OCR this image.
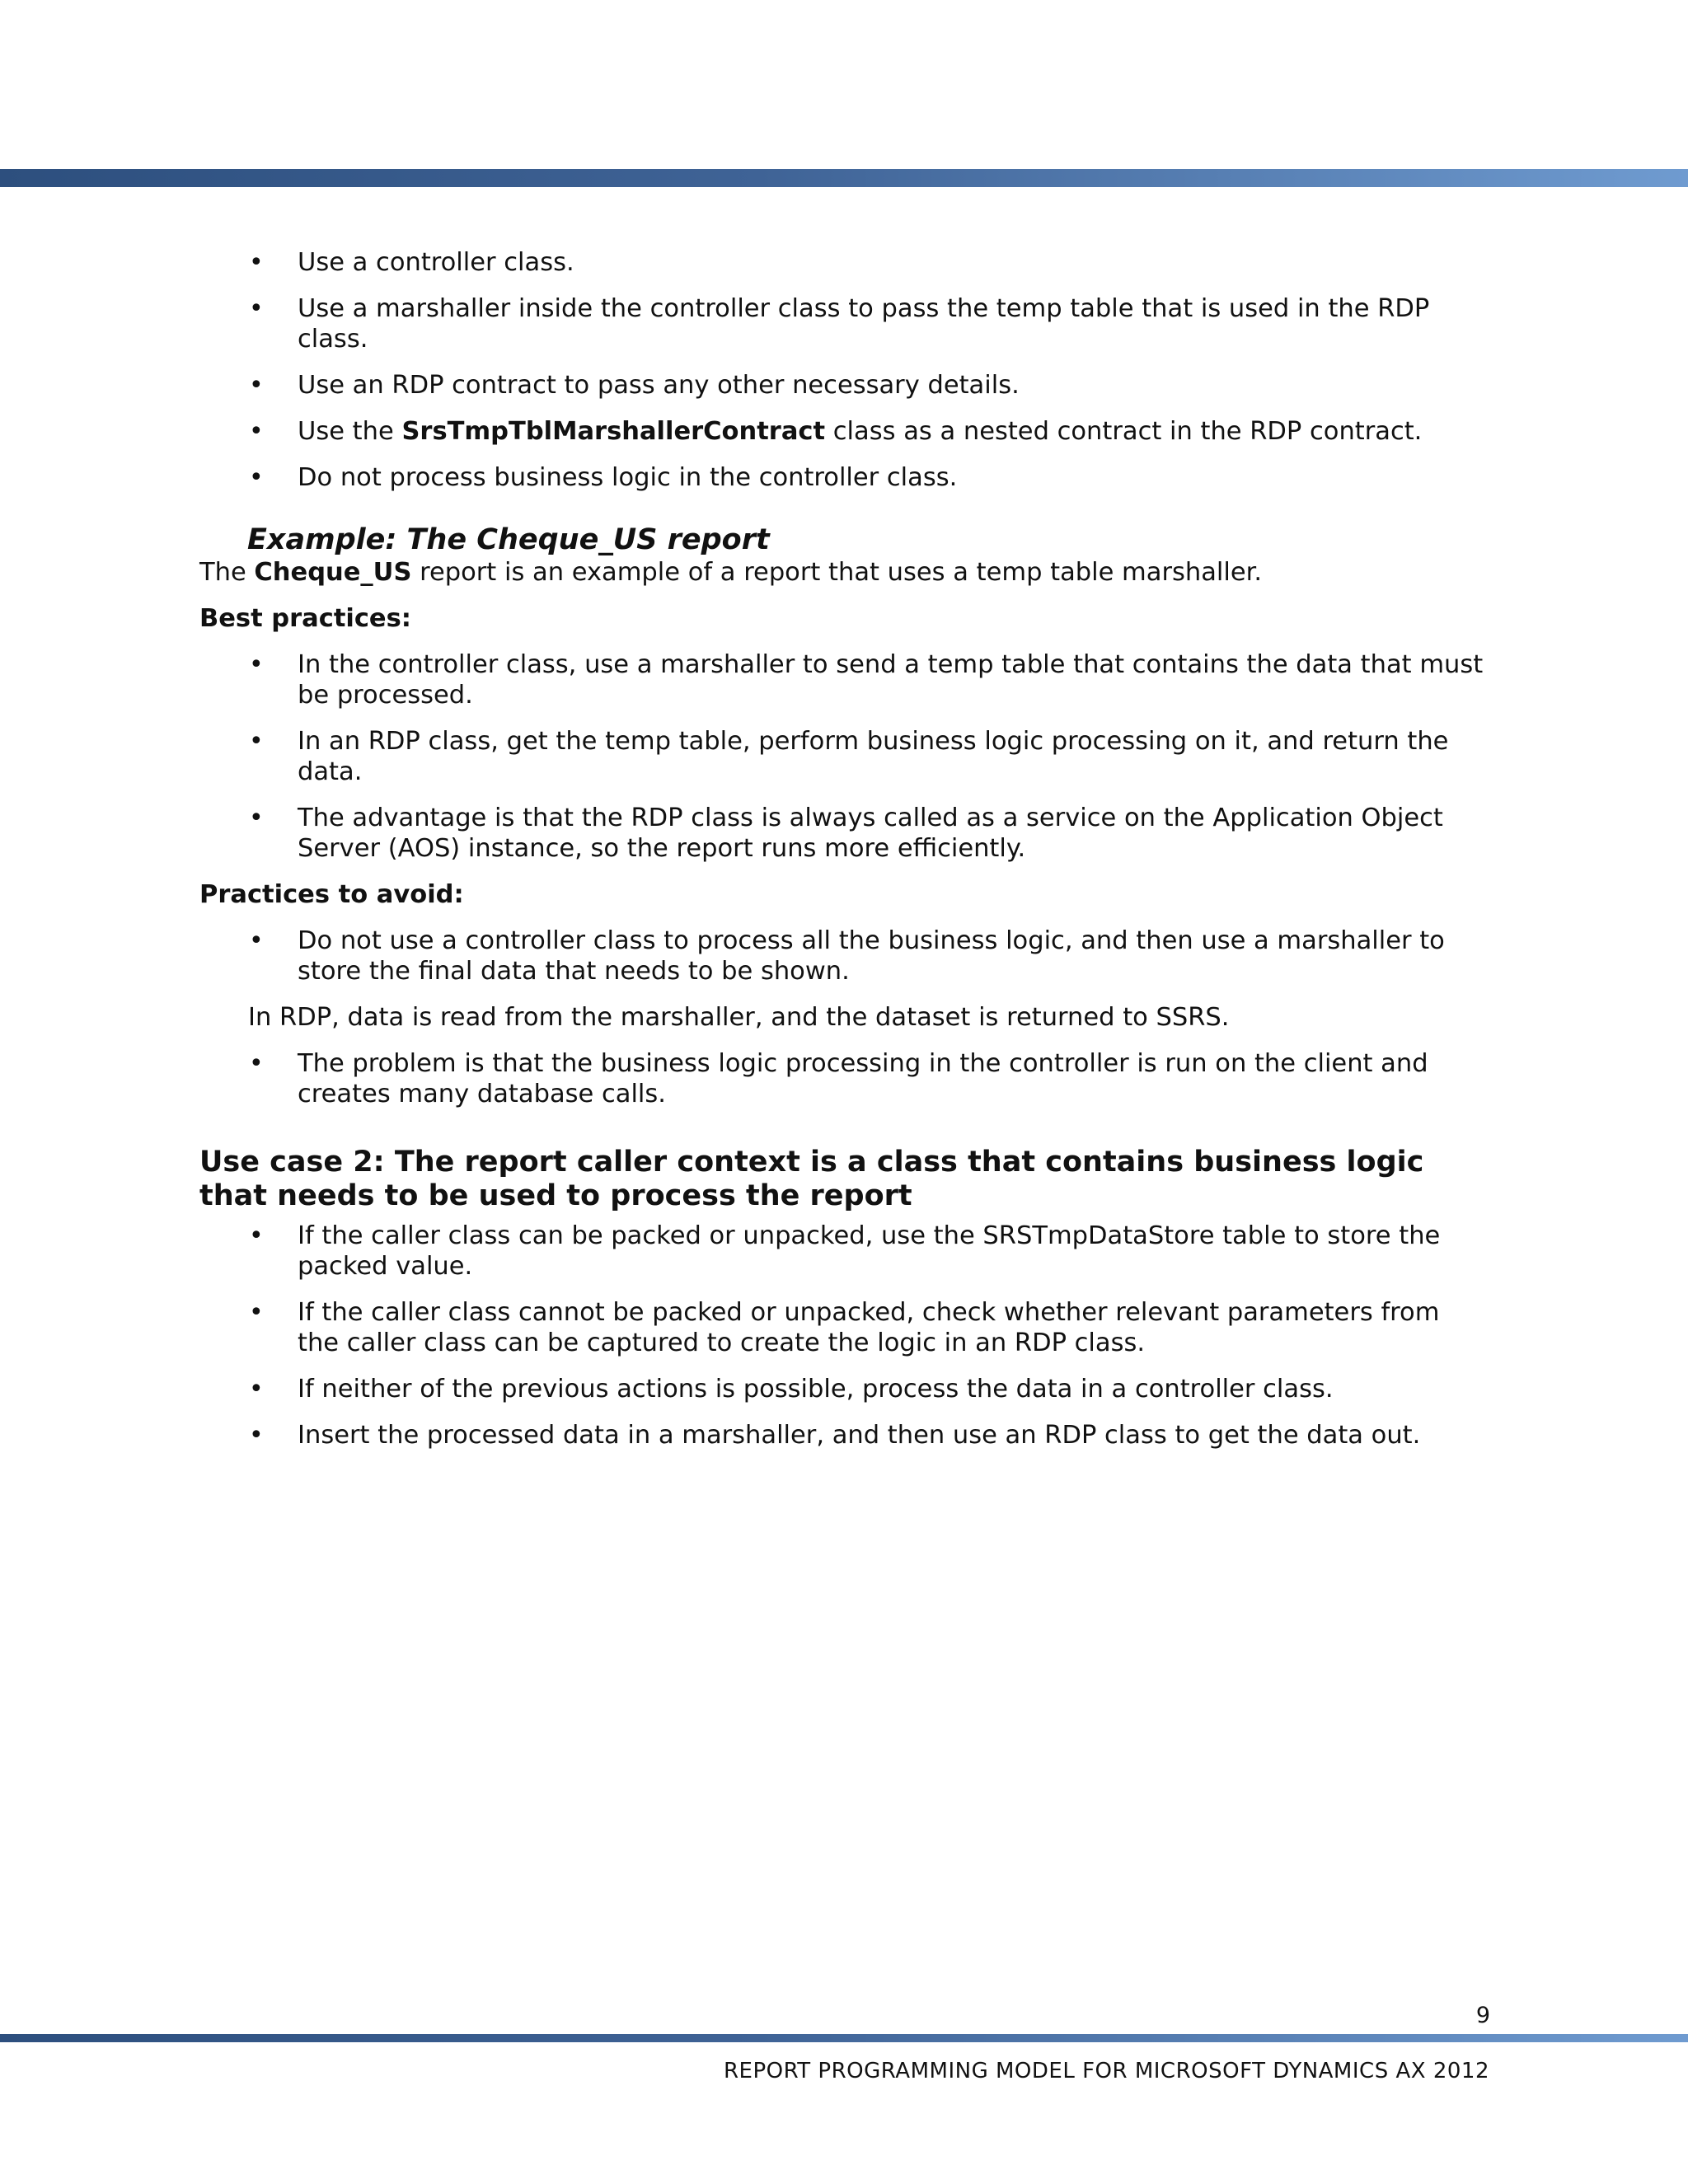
• Use a controller class.
• Use a marshaller inside the controller class to pass the temp table that is used in the RDP class.
• Use an RDP contract to pass any other necessary details.
• Use the SrsTmpTblMarshallerContract class as a nested contract in the RDP contract.
• Do not process business logic in the controller class.
Example: The Cheque_US report

The Cheque_US report is an example of a report that uses a temp table marshaller.

Best practices:
• In the controller class, use a marshaller to send a temp table that contains the data that must be processed.
• In an RDP class, get the temp table, perform business logic processing on it, and return the data.
• The advantage is that the RDP class is always called as a service on the Application Object Server (AOS) instance, so the report runs more efficiently.
Practices to avoid:
• Do not use a controller class to process all the business logic, and then use a marshaller to store the final data that needs to be shown.

In RDP, data is read from the marshaller, and the dataset is returned to SSRS.

• The problem is that the business logic processing in the controller is run on the client and creates many database calls.
Use case 2: The report caller context is a class that contains business logic that needs to be used to process the report
• If the caller class can be packed or unpacked, use the SRSTmpDataStore table to store the packed value.
• If the caller class cannot be packed or unpacked, check whether relevant parameters from the caller class can be captured to create the logic in an RDP class.
• If neither of the previous actions is possible, process the data in a controller class.
• Insert the processed data in a marshaller, and then use an RDP class to get the data out.
9
REPORT PROGRAMMING MODEL FOR MICROSOFT DYNAMICS AX 2012
